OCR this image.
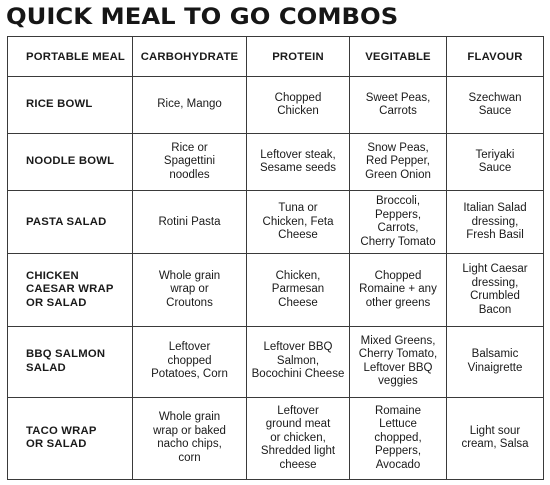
QUICK MEAL TO GO COMBOS
PORTABLE MEAL	CARBOHYDRATE	PROTEIN	VEGITABLE	FLAVOUR

RICE BOWL	Rice, Mango	Chopped
Chicken	Sweet Peas,
Carrots	Szechwan
Sauce

NOODLE BOWL	Rice or
Spagettini
noodles	Leftover steak,
Sesame seeds	Snow Peas,
Red Pepper,
Green Onion	Teriyaki
Sauce

PASTA SALAD	Rotini Pasta	Tuna or
Chicken, Feta
Cheese	Broccoli,
Peppers,
Carrots,
Cherry Tomato	Italian Salad
dressing,
Fresh Basil

CHICKEN
CAESAR WRAP
OR SALAD	Whole grain
wrap or
Croutons	Chicken,
Parmesan
Cheese	Chopped
Romaine + any
other greens	Light Caesar
dressing,
Crumbled
Bacon

BBQ SALMON
SALAD	Leftover
chopped
Potatoes, Corn	Leftover BBQ
Salmon,
Bocochini Cheese	Mixed Greens,
Cherry Tomato,
Leftover BBQ
veggies	Balsamic
Vinaigrette

TACO WRAP
OR SALAD	Whole grain
wrap or baked
nacho chips,
corn	Leftover
ground meat
or chicken,
Shredded light
cheese	Romaine
Lettuce
chopped,
Peppers,
Avocado	Light sour
cream, Salsa
